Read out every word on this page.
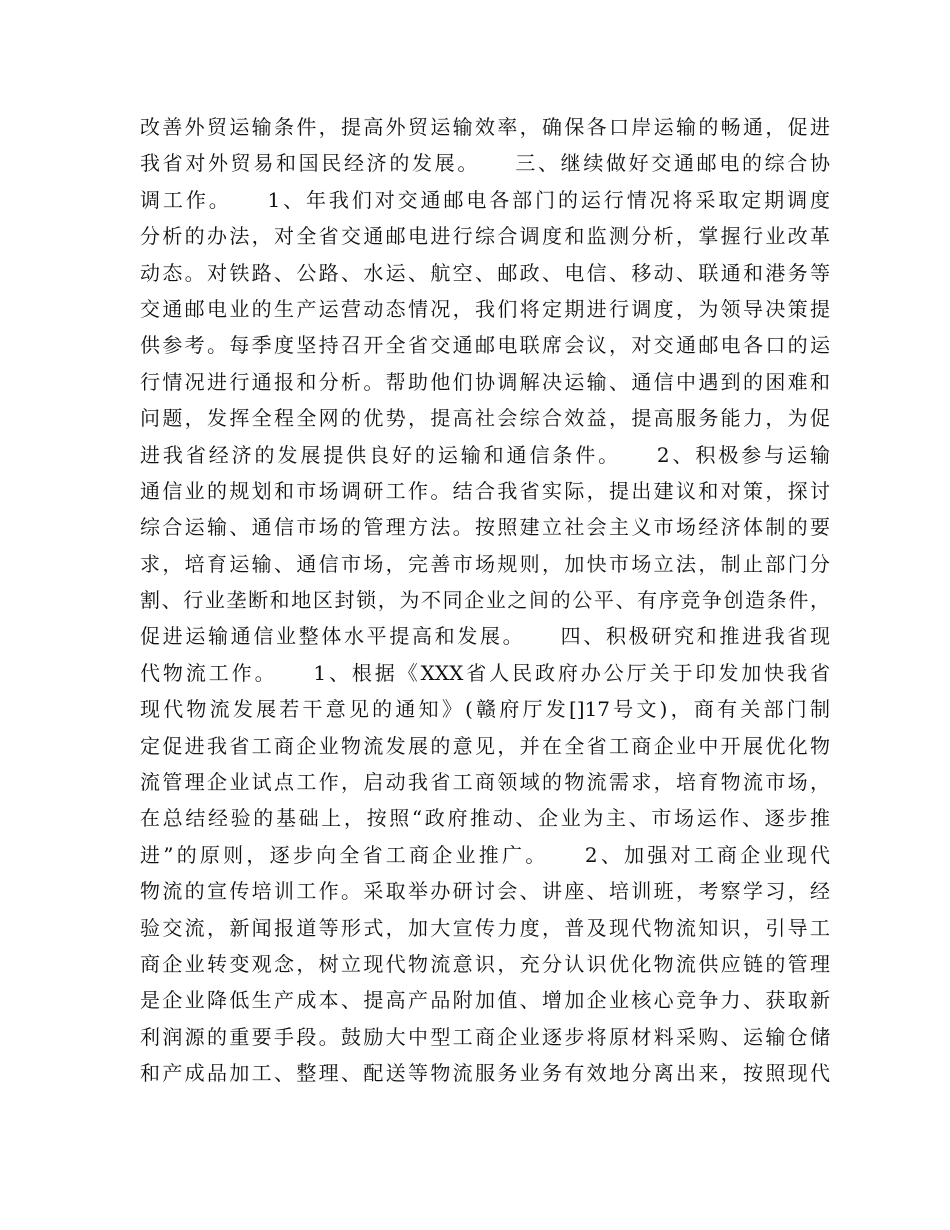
改善外贸运输条件，提高外贸运输效率，确保各口岸运输的畅通，促进
我省对外贸易和国民经济的发展。　　三、继续做好交通邮电的综合协
调工作。　　1、年我们对交通邮电各部门的运行情况将采取定期调度
分析的办法，对全省交通邮电进行综合调度和监测分析，掌握行业改革
动态。对铁路、公路、水运、航空、邮政、电信、移动、联通和港务等
交通邮电业的生产运营动态情况，我们将定期进行调度，为领导决策提
供参考。每季度坚持召开全省交通邮电联席会议，对交通邮电各口的运
行情况进行通报和分析。帮助他们协调解决运输、通信中遇到的困难和
问题，发挥全程全网的优势，提高社会综合效益，提高服务能力，为促
进我省经济的发展提供良好的运输和通信条件。　　2、积极参与运输
通信业的规划和市场调研工作。结合我省实际，提出建议和对策，探讨
综合运输、通信市场的管理方法。按照建立社会主义市场经济体制的要
求，培育运输、通信市场，完善市场规则，加快市场立法，制止部门分
割、行业垄断和地区封锁，为不同企业之间的公平、有序竞争创造条件，
促进运输通信业整体水平提高和发展。　　四、积极研究和推进我省现
代物流工作。　　1、根据《XXX省人民政府办公厅关于印发加快我省
现代物流发展若干意见的通知》(赣府厅发[]17号文)，商有关部门制
定促进我省工商企业物流发展的意见，并在全省工商企业中开展优化物
流管理企业试点工作，启动我省工商领域的物流需求，培育物流市场，
在总结经验的基础上，按照“政府推动、企业为主、市场运作、逐步推
进”的原则，逐步向全省工商企业推广。　　2、加强对工商企业现代
物流的宣传培训工作。采取举办研讨会、讲座、培训班，考察学习，经
验交流，新闻报道等形式，加大宣传力度，普及现代物流知识，引导工
商企业转变观念，树立现代物流意识，充分认识优化物流供应链的管理
是企业降低生产成本、提高产品附加值、增加企业核心竞争力、获取新
利润源的重要手段。鼓励大中型工商企业逐步将原材料采购、运输仓储
和产成品加工、整理、配送等物流服务业务有效地分离出来，按照现代
